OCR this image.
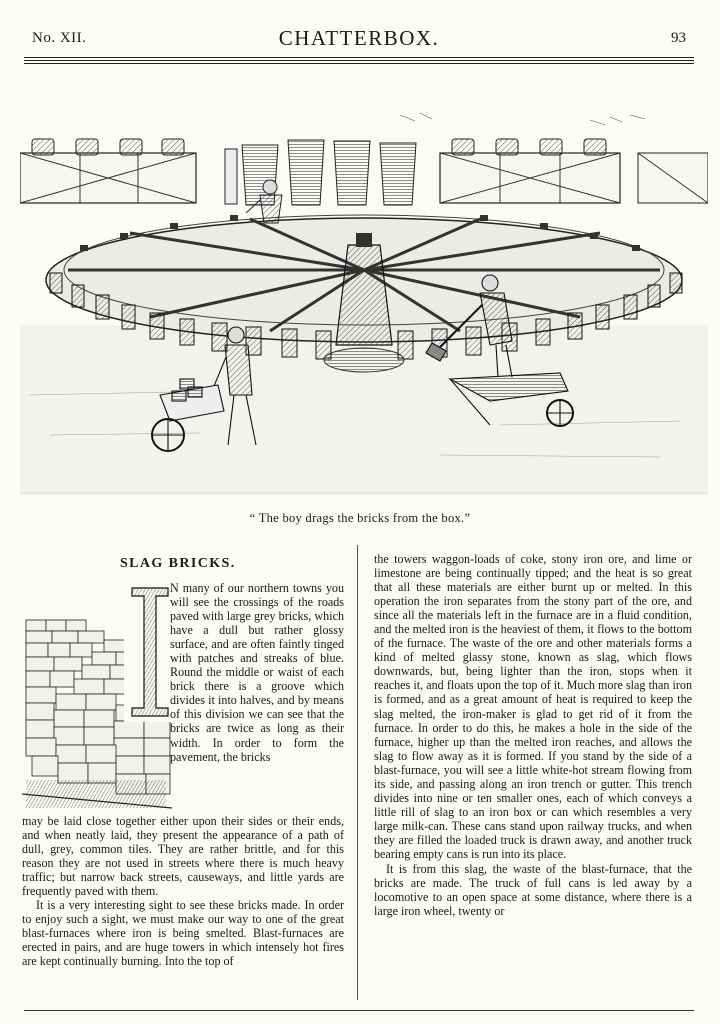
No. XII.	CHATTERBOX.	93
“ The boy drags the bricks from the box.”
SLAG BRICKS.
I
N many of our northern towns you will see the crossings of the roads paved with large grey bricks, which have a dull but rather glossy surface, and are often faintly tinged with patches and streaks of blue. Round the middle or waist of each brick there is a groove which divides it into halves, and by means of this division we can see that the bricks are twice as long as their width. In order to form the pavement, the bricks

may be laid close together either upon their sides or their ends, and when neatly laid, they present the appearance of a path of dull, grey, common tiles. They are rather brittle, and for this reason they are not used in streets where there is much heavy traffic; but narrow back streets, causeways, and little yards are frequently paved with them.

It is a very interesting sight to see these bricks made. In order to enjoy such a sight, we must make our way to one of the great blast-furnaces where iron is being smelted. Blast-furnaces are erected in pairs, and are huge towers in which intensely hot fires are kept continually burning. Into the top of

the towers waggon-loads of coke, stony iron ore, and lime or limestone are being continually tipped; and the heat is so great that all these materials are either burnt up or melted. In this operation the iron separates from the stony part of the ore, and since all the materials left in the furnace are in a fluid condition, and the melted iron is the heaviest of them, it flows to the bottom of the furnace. The waste of the ore and other materials forms a kind of melted glassy stone, known as slag, which flows downwards, but, being lighter than the iron, stops when it reaches it, and floats upon the top of it. Much more slag than iron is formed, and as a great amount of heat is required to keep the slag melted, the iron-maker is glad to get rid of it from the furnace. In order to do this, he makes a hole in the side of the furnace, higher up than the melted iron reaches, and allows the slag to flow away as it is formed. If you stand by the side of a blast-furnace, you will see a little white-hot stream flowing from its side, and passing along an iron trench or gutter. This trench divides into nine or ten smaller ones, each of which conveys a little rill of slag to an iron box or can which resembles a very large milk-can. These cans stand upon railway trucks, and when they are filled the loaded truck is drawn away, and another truck bearing empty cans is run into its place.

It is from this slag, the waste of the blast-furnace, that the bricks are made. The truck of full cans is led away by a locomotive to an open space at some distance, where there is a large iron wheel, twenty or
